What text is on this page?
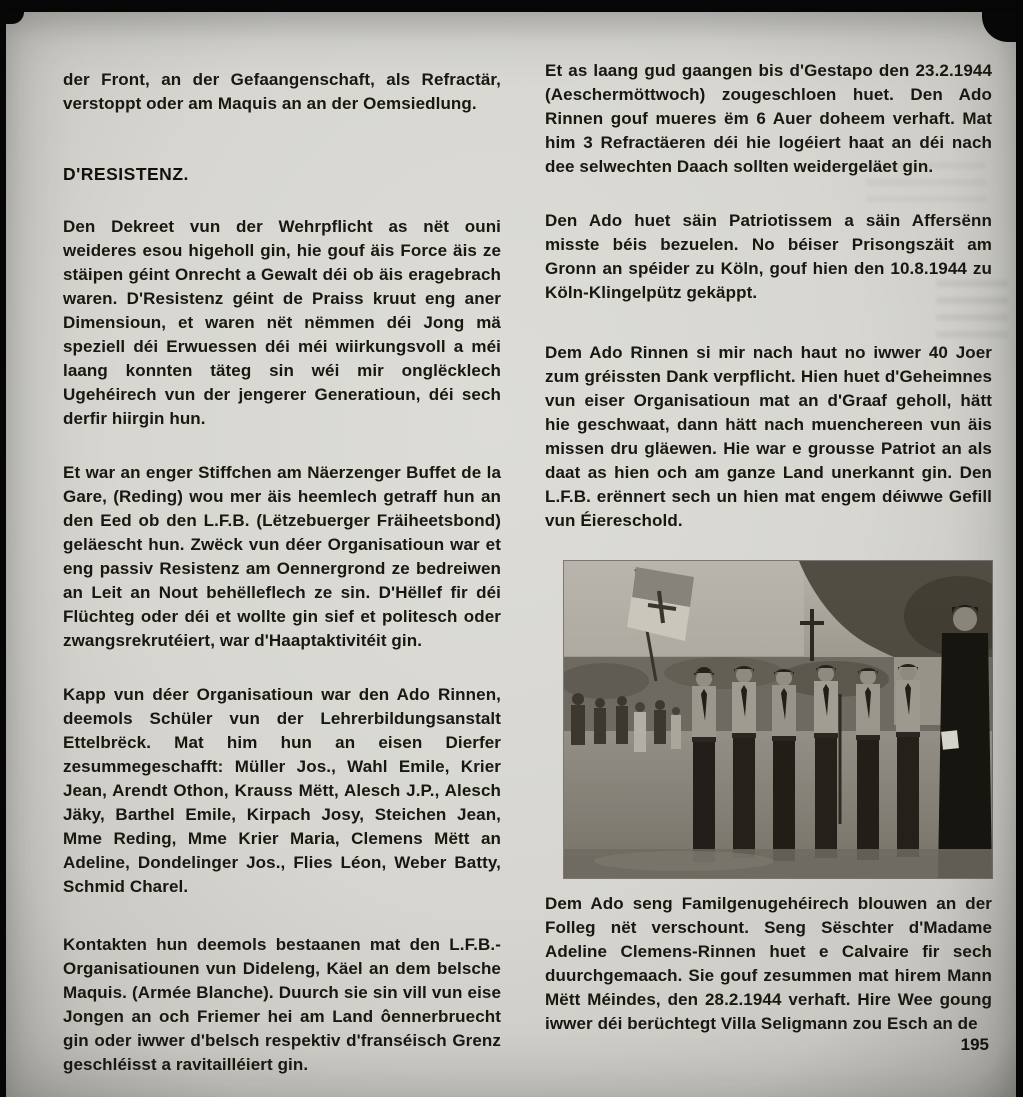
der Front, an der Gefaangenschaft, als Refractär, verstoppt oder am Maquis an an der Oemsiedlung.

D'RESISTENZ.

Den Dekreet vun der Wehrpflicht as nët ouni weideres esou higeholl gin, hie gouf äis Force äis ze stäipen géint Onrecht a Gewalt déi ob äis eragebrach waren. D'Resistenz géint de Praiss kruut eng aner Dimensioun, et waren nët nëmmen déi Jong mä speziell déi Erwuessen déi méi wiirkungsvoll a méi laang konnten täteg sin wéi mir onglëcklech Ugehéirech vun der jengerer Generatioun, déi sech derfir hiirgin hun.

Et war an enger Stiffchen am Näerzenger Buffet de la Gare, (Reding) wou mer äis heemlech getraff hun an den Eed ob den L.F.B. (Lëtzebuerger Fräiheetsbond) geläescht hun. Zwëck vun déer Organisatioun war et eng passiv Resistenz am Oennergrond ze bedreiwen an Leit an Nout behëlleflech ze sin. D'Hëllef fir déi Flüchteg oder déi et wollte gin sief et politesch oder zwangsrekrutéiert, war d'Haaptaktivitéit gin.

Kapp vun déer Organisatioun war den Ado Rinnen, deemols Schüler vun der Lehrerbildungsanstalt Ettelbrëck. Mat him hun an eisen Dierfer zesummegeschafft: Müller Jos., Wahl Emile, Krier Jean, Arendt Othon, Krauss Mëtt, Alesch J.P., Alesch Jäky, Barthel Emile, Kirpach Josy, Steichen Jean, Mme Reding, Mme Krier Maria, Clemens Mëtt an Adeline, Dondelinger Jos., Flies Léon, Weber Batty, Schmid Charel.

Kontakten hun deemols bestaanen mat den L.F.B.-Organisatiounen vun Dideleng, Käel an dem belsche Maquis. (Armée Blanche). Duurch sie sin vill vun eise Jongen an och Friemer hei am Land ôennerbruecht gin oder iwwer d'belsch respektiv d'franséisch Grenz geschléisst a ravitailléiert gin.

Et as laang gud gaangen bis d'Gestapo den 23.2.1944 (Aeschermöttwoch) zougeschloen huet. Den Ado Rinnen gouf mueres ëm 6 Auer doheem verhaft. Mat him 3 Refractäeren déi hie logéiert haat an déi nach dee selwechten Daach sollten weidergeläet gin.

Den Ado huet säin Patriotissem a säin Affersënn misste béis bezuelen. No béiser Prisongszäit am Gronn an spéider zu Köln, gouf hien den 10.8.1944 zu Köln-Klingelpütz gekäppt.

Dem Ado Rinnen si mir nach haut no iwwer 40 Joer zum gréissten Dank verpflicht. Hien huet d'Geheimnes vun eiser Organisatioun mat an d'Graaf geholl, hätt hie geschwaat, dann hätt nach muenchereen vun äis missen dru gläewen. Hie war e grousse Patriot an als daat as hien och am ganze Land unerkannt gin. Den L.F.B. erënnert sech un hien mat engem déiwwe Gefill vun Éiereschold.

Dem Ado seng Familgenugehéirech blouwen an der Folleg nët verschount. Seng Sëschter d'Madame Adeline Clemens-Rinnen huet e Calvaire fir sech duurchgemaach. Sie gouf zesummen mat hirem Mann Mëtt Méindes, den 28.2.1944 verhaft. Hire Wee goung iwwer déi berüchtegt Villa Seligmann zou Esch an de

195
